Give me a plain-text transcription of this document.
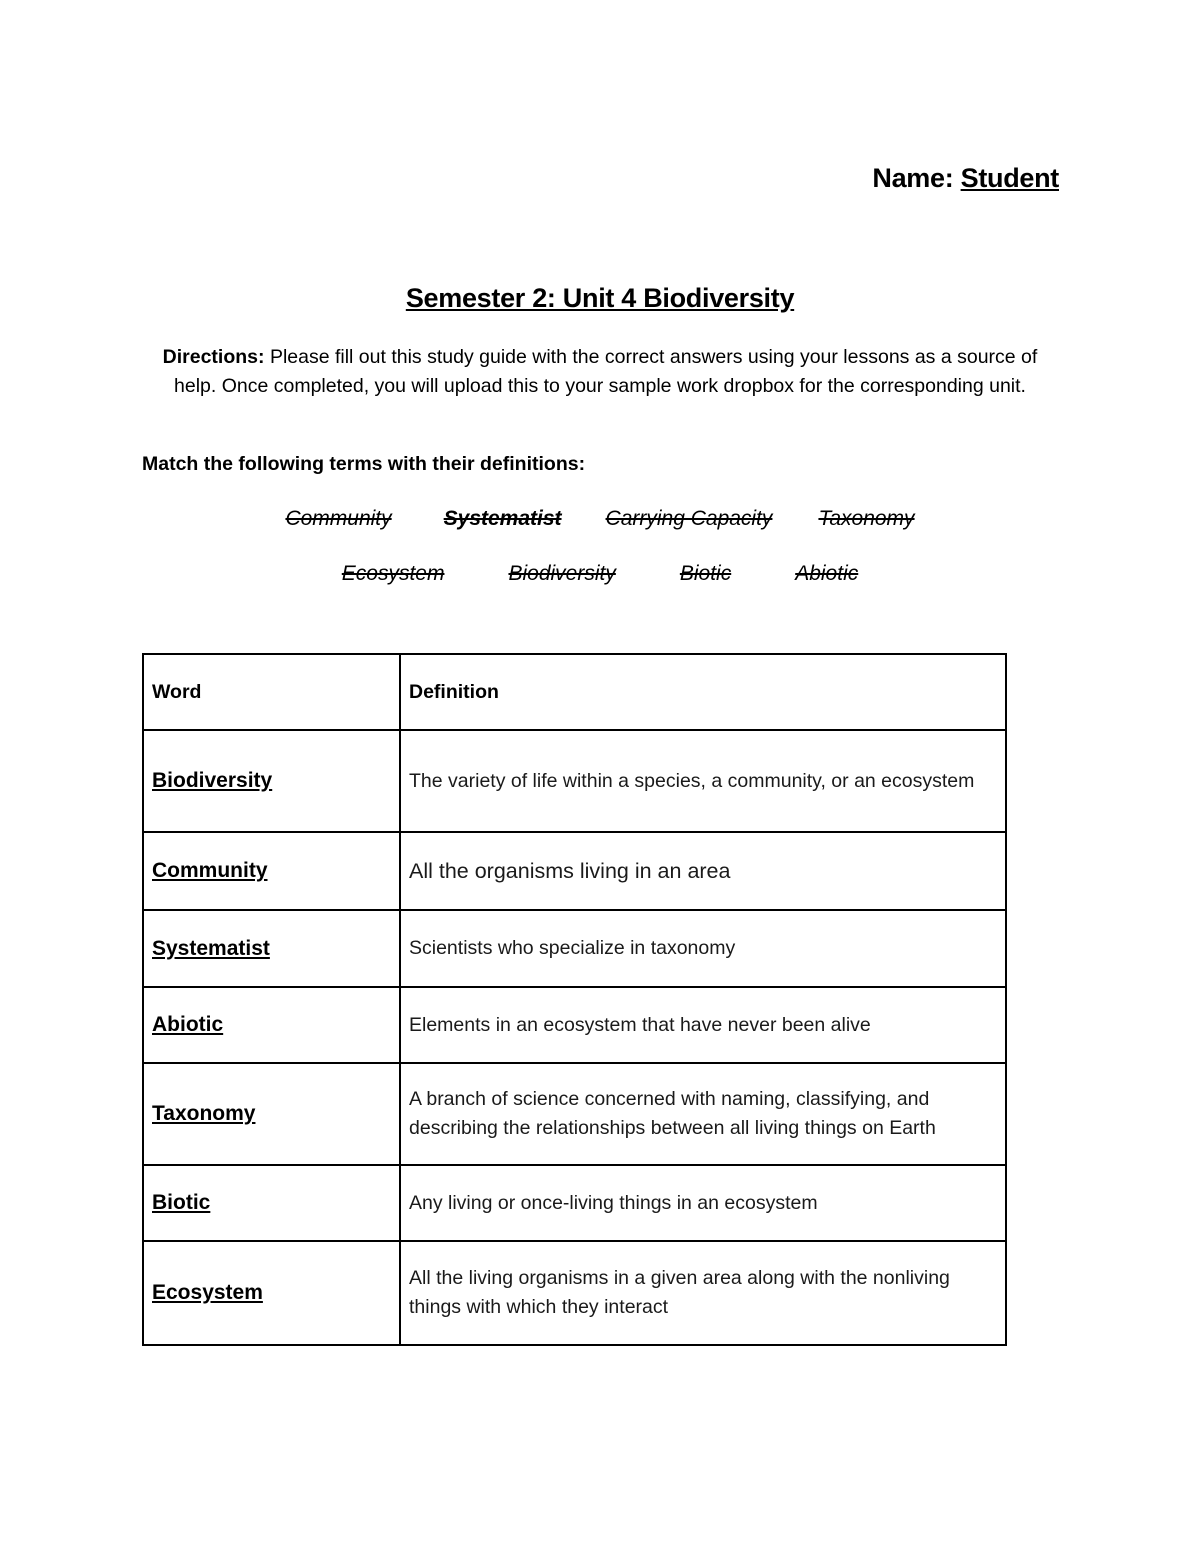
Name: Student
Semester 2: Unit 4 Biodiversity
Directions: Please fill out this study guide with the correct answers using your lessons as a source of help. Once completed, you will upload this to your sample work dropbox for the corresponding unit.
Match the following terms with their definitions:
Community Systematist Carrying Capacity Taxonomy
Ecosystem	Biodiversity	Biotic	Abiotic
Word	Definition
Biodiversity	The variety of life within a species, a community, or an ecosystem
Community	All the organisms living in an area
Systematist	Scientists who specialize in taxonomy
Abiotic	Elements in an ecosystem that have never been alive
Taxonomy	A branch of science concerned with naming, classifying, and describing the relationships between all living things on Earth
Biotic	Any living or once-living things in an ecosystem
Ecosystem	All the living organisms in a given area along with the nonliving things with which they interact
